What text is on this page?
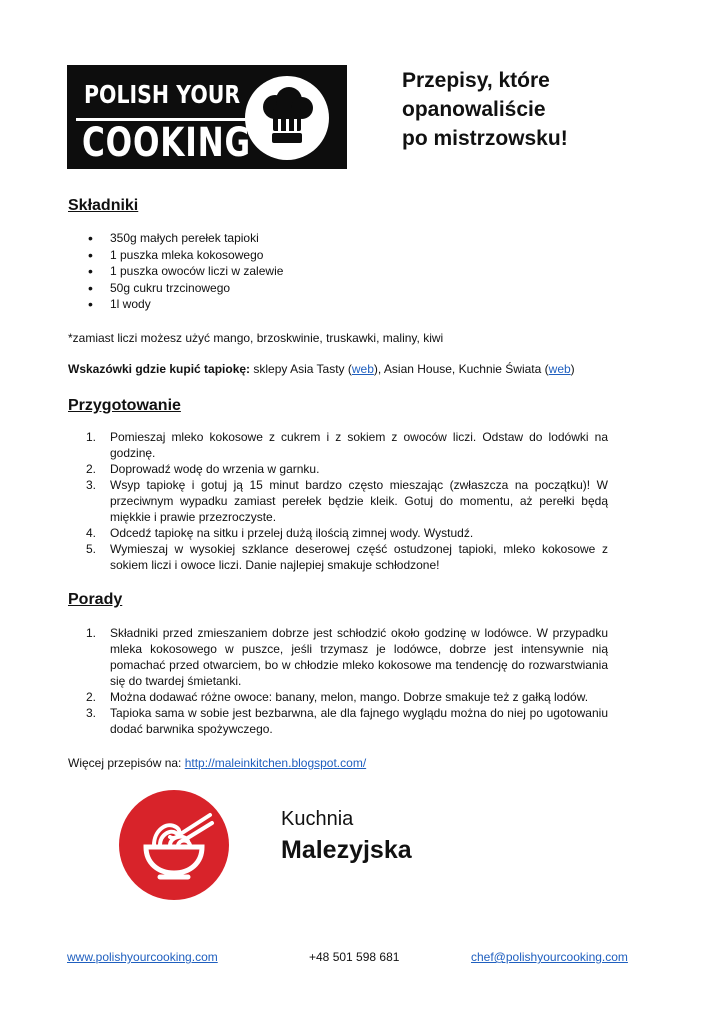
POLISH YOUR
COOKING
Przepisy, które
opanowaliście
po mistrzowsku!
Składniki
• 350g małych perełek tapioki
• 1 puszka mleka kokosowego
• 1 puszka owoców liczi w zalewie
• 50g cukru trzcinowego
• 1l wody
*zamiast liczi możesz użyć mango, brzoskwinie, truskawki, maliny, kiwi
Wskazówki gdzie kupić tapiokę: sklepy Asia Tasty (web), Asian House, Kuchnie Świata (web)
Przygotowanie
1. Pomieszaj mleko kokosowe z cukrem i z sokiem z owoców liczi. Odstaw do lodówki na godzinę.
2. Doprowadź wodę do wrzenia w garnku.
3. Wsyp tapiokę i gotuj ją 15 minut bardzo często mieszając (zwłaszcza na początku)! W przeciwnym wypadku zamiast perełek będzie kleik. Gotuj do momentu, aż perełki będą miękkie i prawie przezroczyste.
4. Odcedź tapiokę na sitku i przelej dużą ilością zimnej wody. Wystudź.
5. Wymieszaj w wysokiej szklance deserowej część ostudzonej tapioki, mleko kokosowe z sokiem liczi i owoce liczi. Danie najlepiej smakuje schłodzone!
Porady
1. Składniki przed zmieszaniem dobrze jest schłodzić około godzinę w lodówce. W przypadku mleka kokosowego w puszce, jeśli trzymasz je lodówce, dobrze jest intensywnie nią pomachać przed otwarciem, bo w chłodzie mleko kokosowe ma tendencję do rozwarstwiania się do twardej śmietanki.
2. Można dodawać różne owoce: banany, melon, mango. Dobrze smakuje też z gałką lodów.
3. Tapioka sama w sobie jest bezbarwna, ale dla fajnego wyglądu można do niej po ugotowaniu dodać barwnika spożywczego.
Więcej przepisów na: http://maleinkitchen.blogspot.com/
Kuchnia
Malezyjska
www.polishyourcooking.com	+48 501 598 681	chef@polishyourcooking.com
